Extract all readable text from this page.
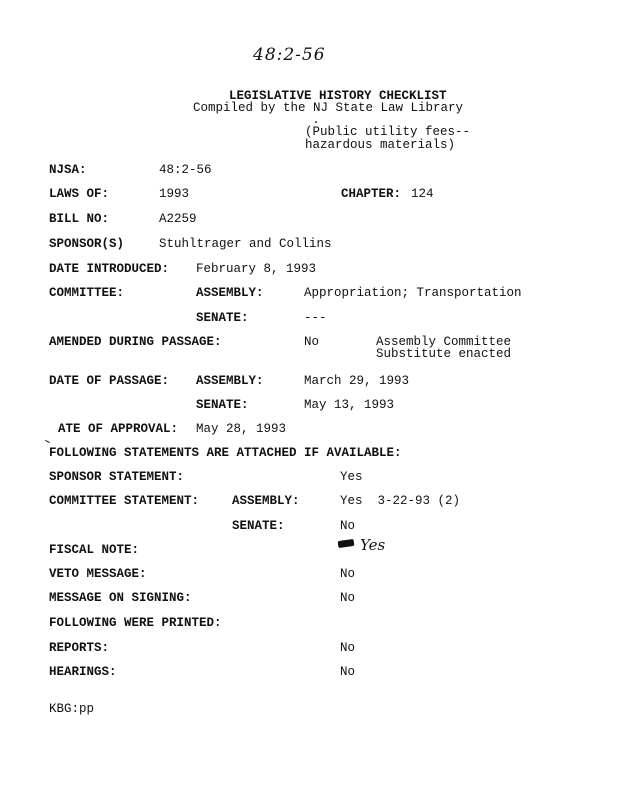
48:2-56
LEGISLATIVE HISTORY CHECKLIST
Compiled by the NJ State Law Library
(Public utility fees--
hazardous materials)
NJSA:	48:2-56
LAWS OF:	1993	CHAPTER: 124
BILL NO:	A2259
SPONSOR(S)	Stuhltrager and Collins
DATE INTRODUCED: February 8, 1993
COMMITTEE:	ASSEMBLY:	Appropriation; Transportation
SENATE:	---
AMENDED DURING PASSAGE:	No	Assembly Committee
Substitute enacted
DATE OF PASSAGE: ASSEMBLY:	March 29, 1993
SENATE:	May 13, 1993
ATE OF APPROVAL: May 28, 1993
FOLLOWING STATEMENTS ARE ATTACHED IF AVAILABLE:
SPONSOR STATEMENT:	Yes
COMMITTEE STATEMENT:	ASSEMBLY:	Yes  3-22-93 (2)
SENATE:	No
FISCAL NOTE:	Yes
VETO MESSAGE:	No
MESSAGE ON SIGNING:	No
FOLLOWING WERE PRINTED:
REPORTS:	No
HEARINGS:	No
KBG:pp
